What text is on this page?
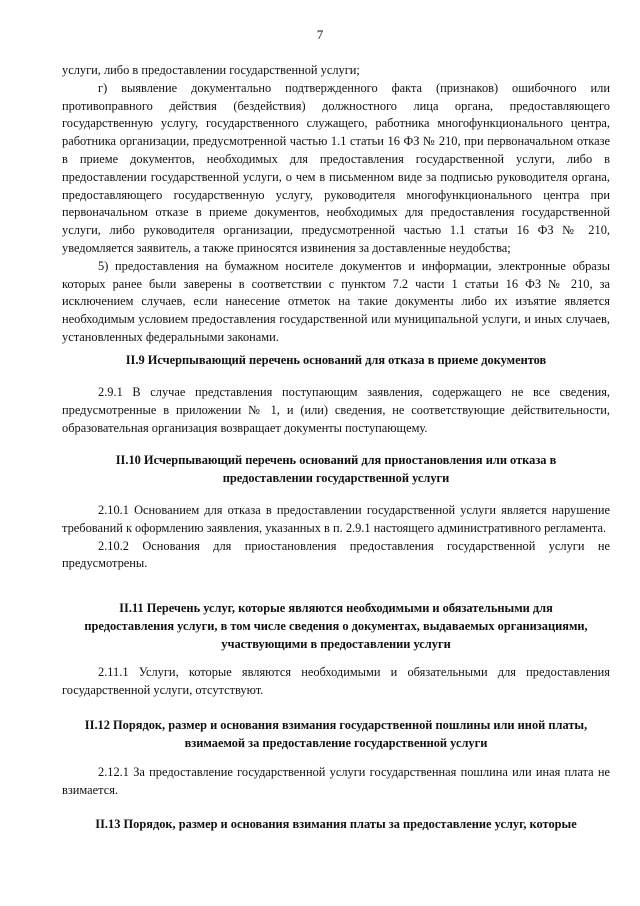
7

услуги, либо в предоставлении государственной услуги;

г) выявление документально подтвержденного факта (признаков) ошибочного или противоправного действия (бездействия) должностного лица органа, предоставляющего государственную услугу, государственного служащего, работника многофункционального центра, работника организации, предусмотренной частью 1.1 статьи 16 ФЗ № 210, при первоначальном отказе в приеме документов, необходимых для предоставления государственной услуги, либо в предоставлении государственной услуги, о чем в письменном виде за подписью руководителя органа, предоставляющего государственную услугу, руководителя многофункционального центра при первоначальном отказе в приеме документов, необходимых для предоставления государственной услуги, либо руководителя организации, предусмотренной частью 1.1 статьи 16 ФЗ № 210, уведомляется заявитель, а также приносятся извинения за доставленные неудобства;

5) предоставления на бумажном носителе документов и информации, электронные образы которых ранее были заверены в соответствии с пунктом 7.2 части 1 статьи 16 ФЗ № 210, за исключением случаев, если нанесение отметок на такие документы либо их изъятие является необходимым условием предоставления государственной или муниципальной услуги, и иных случаев, установленных федеральными законами.

II.9 Исчерпывающий перечень оснований для отказа в приеме документов

2.9.1 В случае представления поступающим заявления, содержащего не все сведения, предусмотренные в приложении № 1, и (или) сведения, не соответствующие действительности, образовательная организация возвращает документы поступающему.

II.10 Исчерпывающий перечень оснований для приостановления или отказа в
предоставлении государственной услуги

2.10.1 Основанием для отказа в предоставлении государственной услуги является нарушение требований к оформлению заявления, указанных в п. 2.9.1 настоящего административного регламента.

2.10.2 Основания для приостановления предоставления государственной услуги не предусмотрены.

II.11 Перечень услуг, которые являются необходимыми и обязательными для
предоставления услуги, в том числе сведения о документах, выдаваемых организациями,
участвующими в предоставлении услуги

2.11.1 Услуги, которые являются необходимыми и обязательными для предоставления государственной услуги, отсутствуют.

II.12 Порядок, размер и основания взимания государственной пошлины или иной платы,
взимаемой за предоставление государственной услуги

2.12.1 За предоставление государственной услуги государственная пошлина или иная плата не взимается.

II.13 Порядок, размер и основания взимания платы за предоставление услуг, которые
